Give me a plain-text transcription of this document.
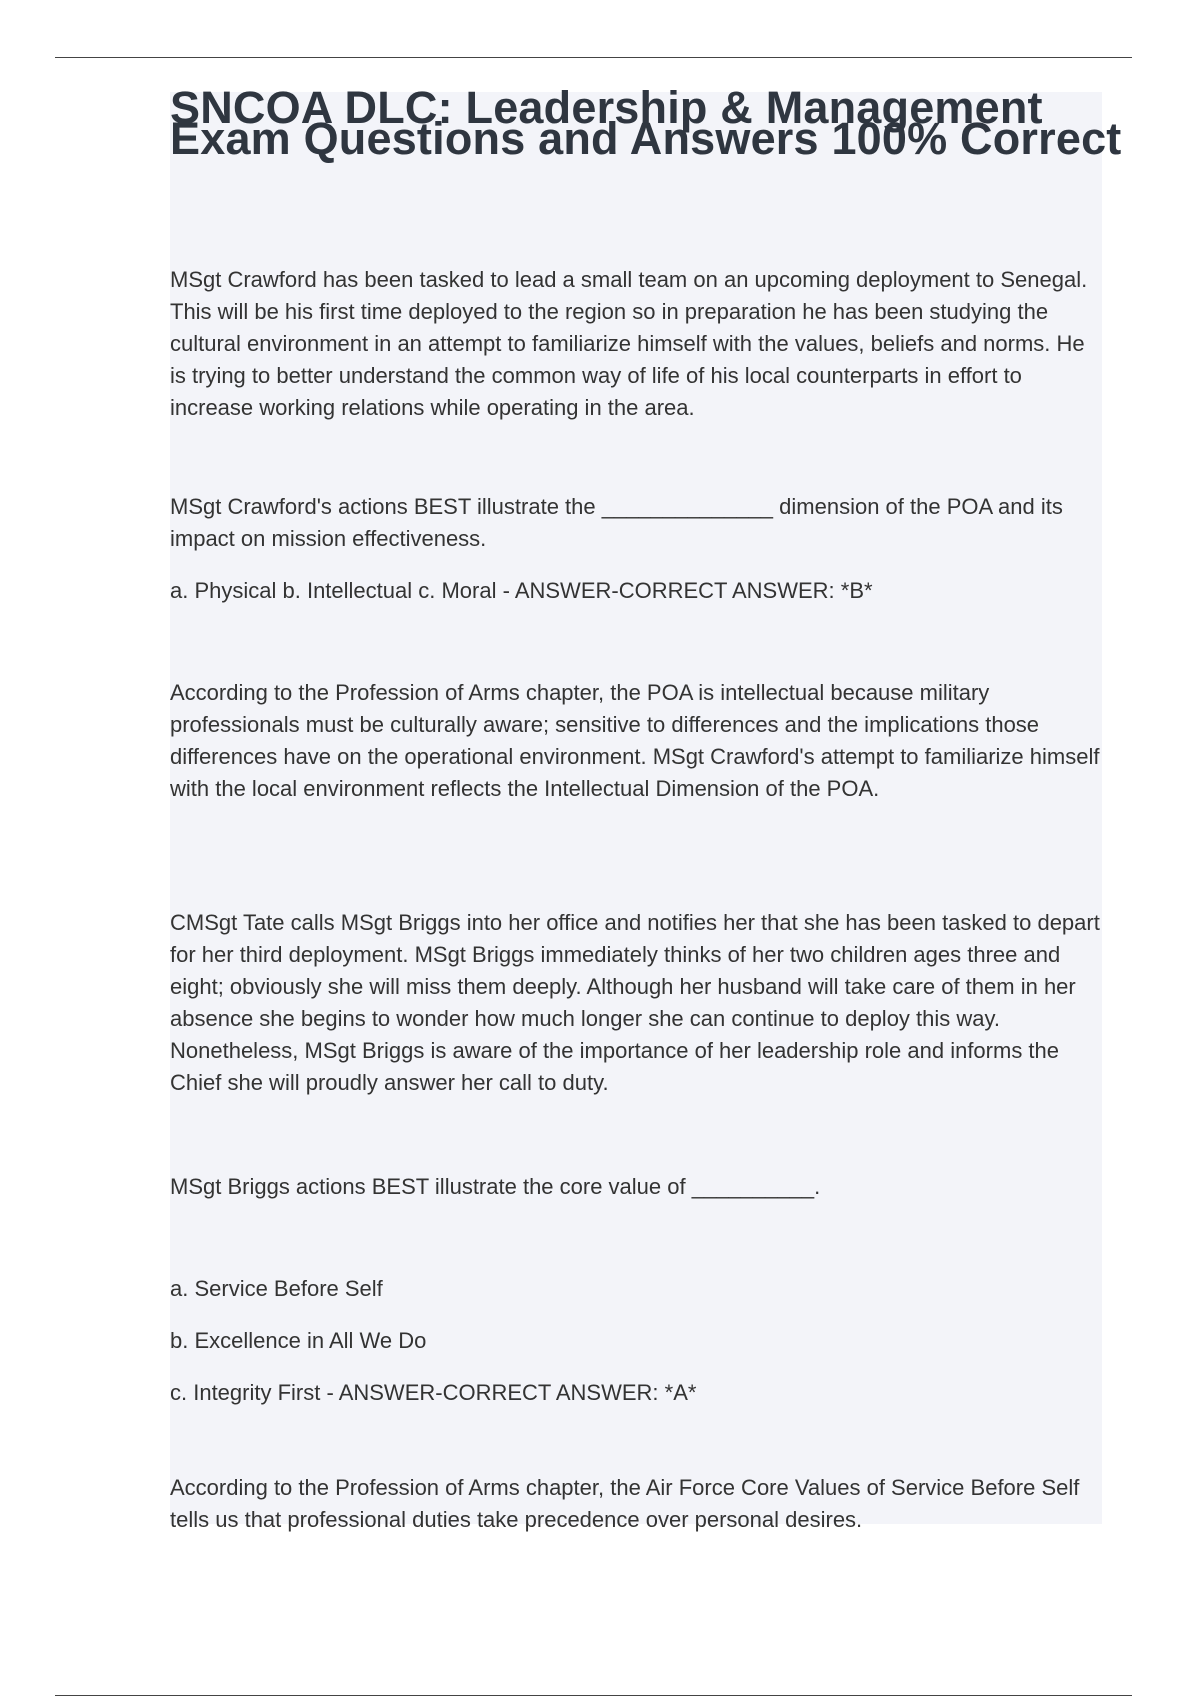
SNCOA DLC: Leadership & Management Exam Questions and Answers 100% Correct

MSgt Crawford has been tasked to lead a small team on an upcoming deployment to Senegal. This will be his first time deployed to the region so in preparation he has been studying the cultural environment in an attempt to familiarize himself with the values, beliefs and norms. He is trying to better understand the common way of life of his local counterparts in effort to increase working relations while operating in the area.

MSgt Crawford's actions BEST illustrate the ______________ dimension of the POA and its impact on mission effectiveness.

a. Physical b. Intellectual c. Moral - ANSWER-CORRECT ANSWER: *B*

According to the Profession of Arms chapter, the POA is intellectual because military professionals must be culturally aware; sensitive to differences and the implications those differences have on the operational environment. MSgt Crawford's attempt to familiarize himself with the local environment reflects the Intellectual Dimension of the POA.

CMSgt Tate calls MSgt Briggs into her office and notifies her that she has been tasked to depart for her third deployment. MSgt Briggs immediately thinks of her two children ages three and eight; obviously she will miss them deeply. Although her husband will take care of them in her absence she begins to wonder how much longer she can continue to deploy this way. Nonetheless, MSgt Briggs is aware of the importance of her leadership role and informs the Chief she will proudly answer her call to duty.

MSgt Briggs actions BEST illustrate the core value of __________.

a. Service Before Self

b. Excellence in All We Do

c. Integrity First - ANSWER-CORRECT ANSWER: *A*

According to the Profession of Arms chapter, the Air Force Core Values of Service Before Self tells us that professional duties take precedence over personal desires.
